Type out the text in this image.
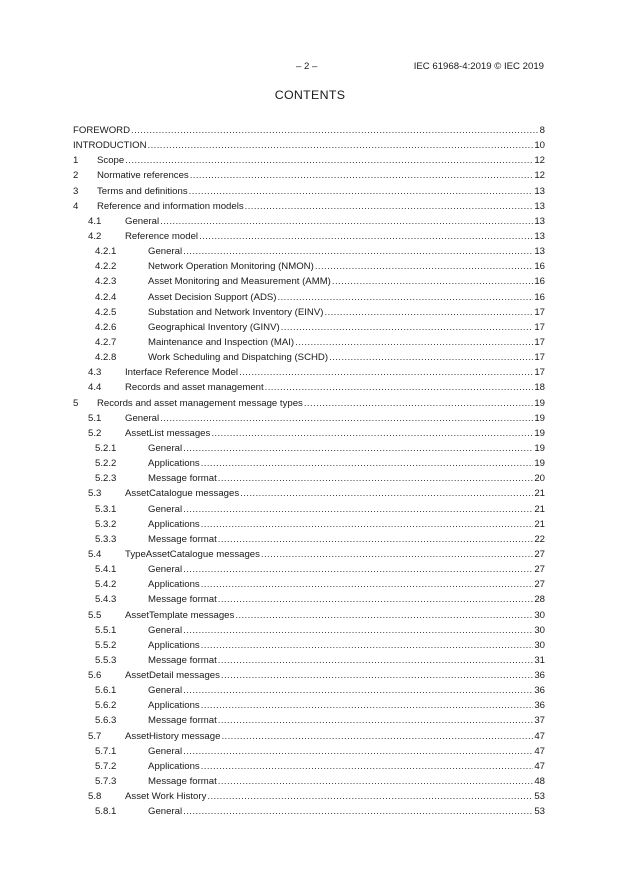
– 2 –	IEC 61968-4:2019 © IEC 2019
CONTENTS
FOREWORD .....	8
INTRODUCTION .....	10
1 Scope .....	12
2 Normative references .....	12
3 Terms and definitions .....	13
4 Reference and information models .....	13
4.1 General .....	13
4.2 Reference model .....	13
4.2.1	General .....	13
4.2.2	Network Operation Monitoring (NMON) .....	16
4.2.3	Asset Monitoring and Measurement (AMM) .....	16
4.2.4	Asset Decision Support (ADS) .....	16
4.2.5	Substation and Network Inventory (EINV) .....	17
4.2.6	Geographical Inventory (GINV) .....	17
4.2.7	Maintenance and Inspection (MAI) .....	17
4.2.8	Work Scheduling and Dispatching (SCHD) .....	17
4.3 Interface Reference Model .....	17
4.4 Records and asset management .....	18
5 Records and asset management message types .....	19
5.1 General .....	19
5.2 AssetList messages .....	19
5.2.1	General .....	19
5.2.2	Applications .....	19
5.2.3	Message format .....	20
5.3 AssetCatalogue messages .....	21
5.3.1	General .....	21
5.3.2	Applications .....	21
5.3.3	Message format .....	22
5.4 TypeAssetCatalogue messages .....	27
5.4.1	General .....	27
5.4.2	Applications .....	27
5.4.3	Message format .....	28
5.5 AssetTemplate messages .....	30
5.5.1	General .....	30
5.5.2	Applications .....	30
5.5.3	Message format .....	31
5.6 AssetDetail messages .....	36
5.6.1	General .....	36
5.6.2	Applications .....	36
5.6.3	Message format .....	37
5.7 AssetHistory message .....	47
5.7.1	General .....	47
5.7.2	Applications .....	47
5.7.3	Message format .....	48
5.8 Asset Work History .....	53
5.8.1	General .....	53
